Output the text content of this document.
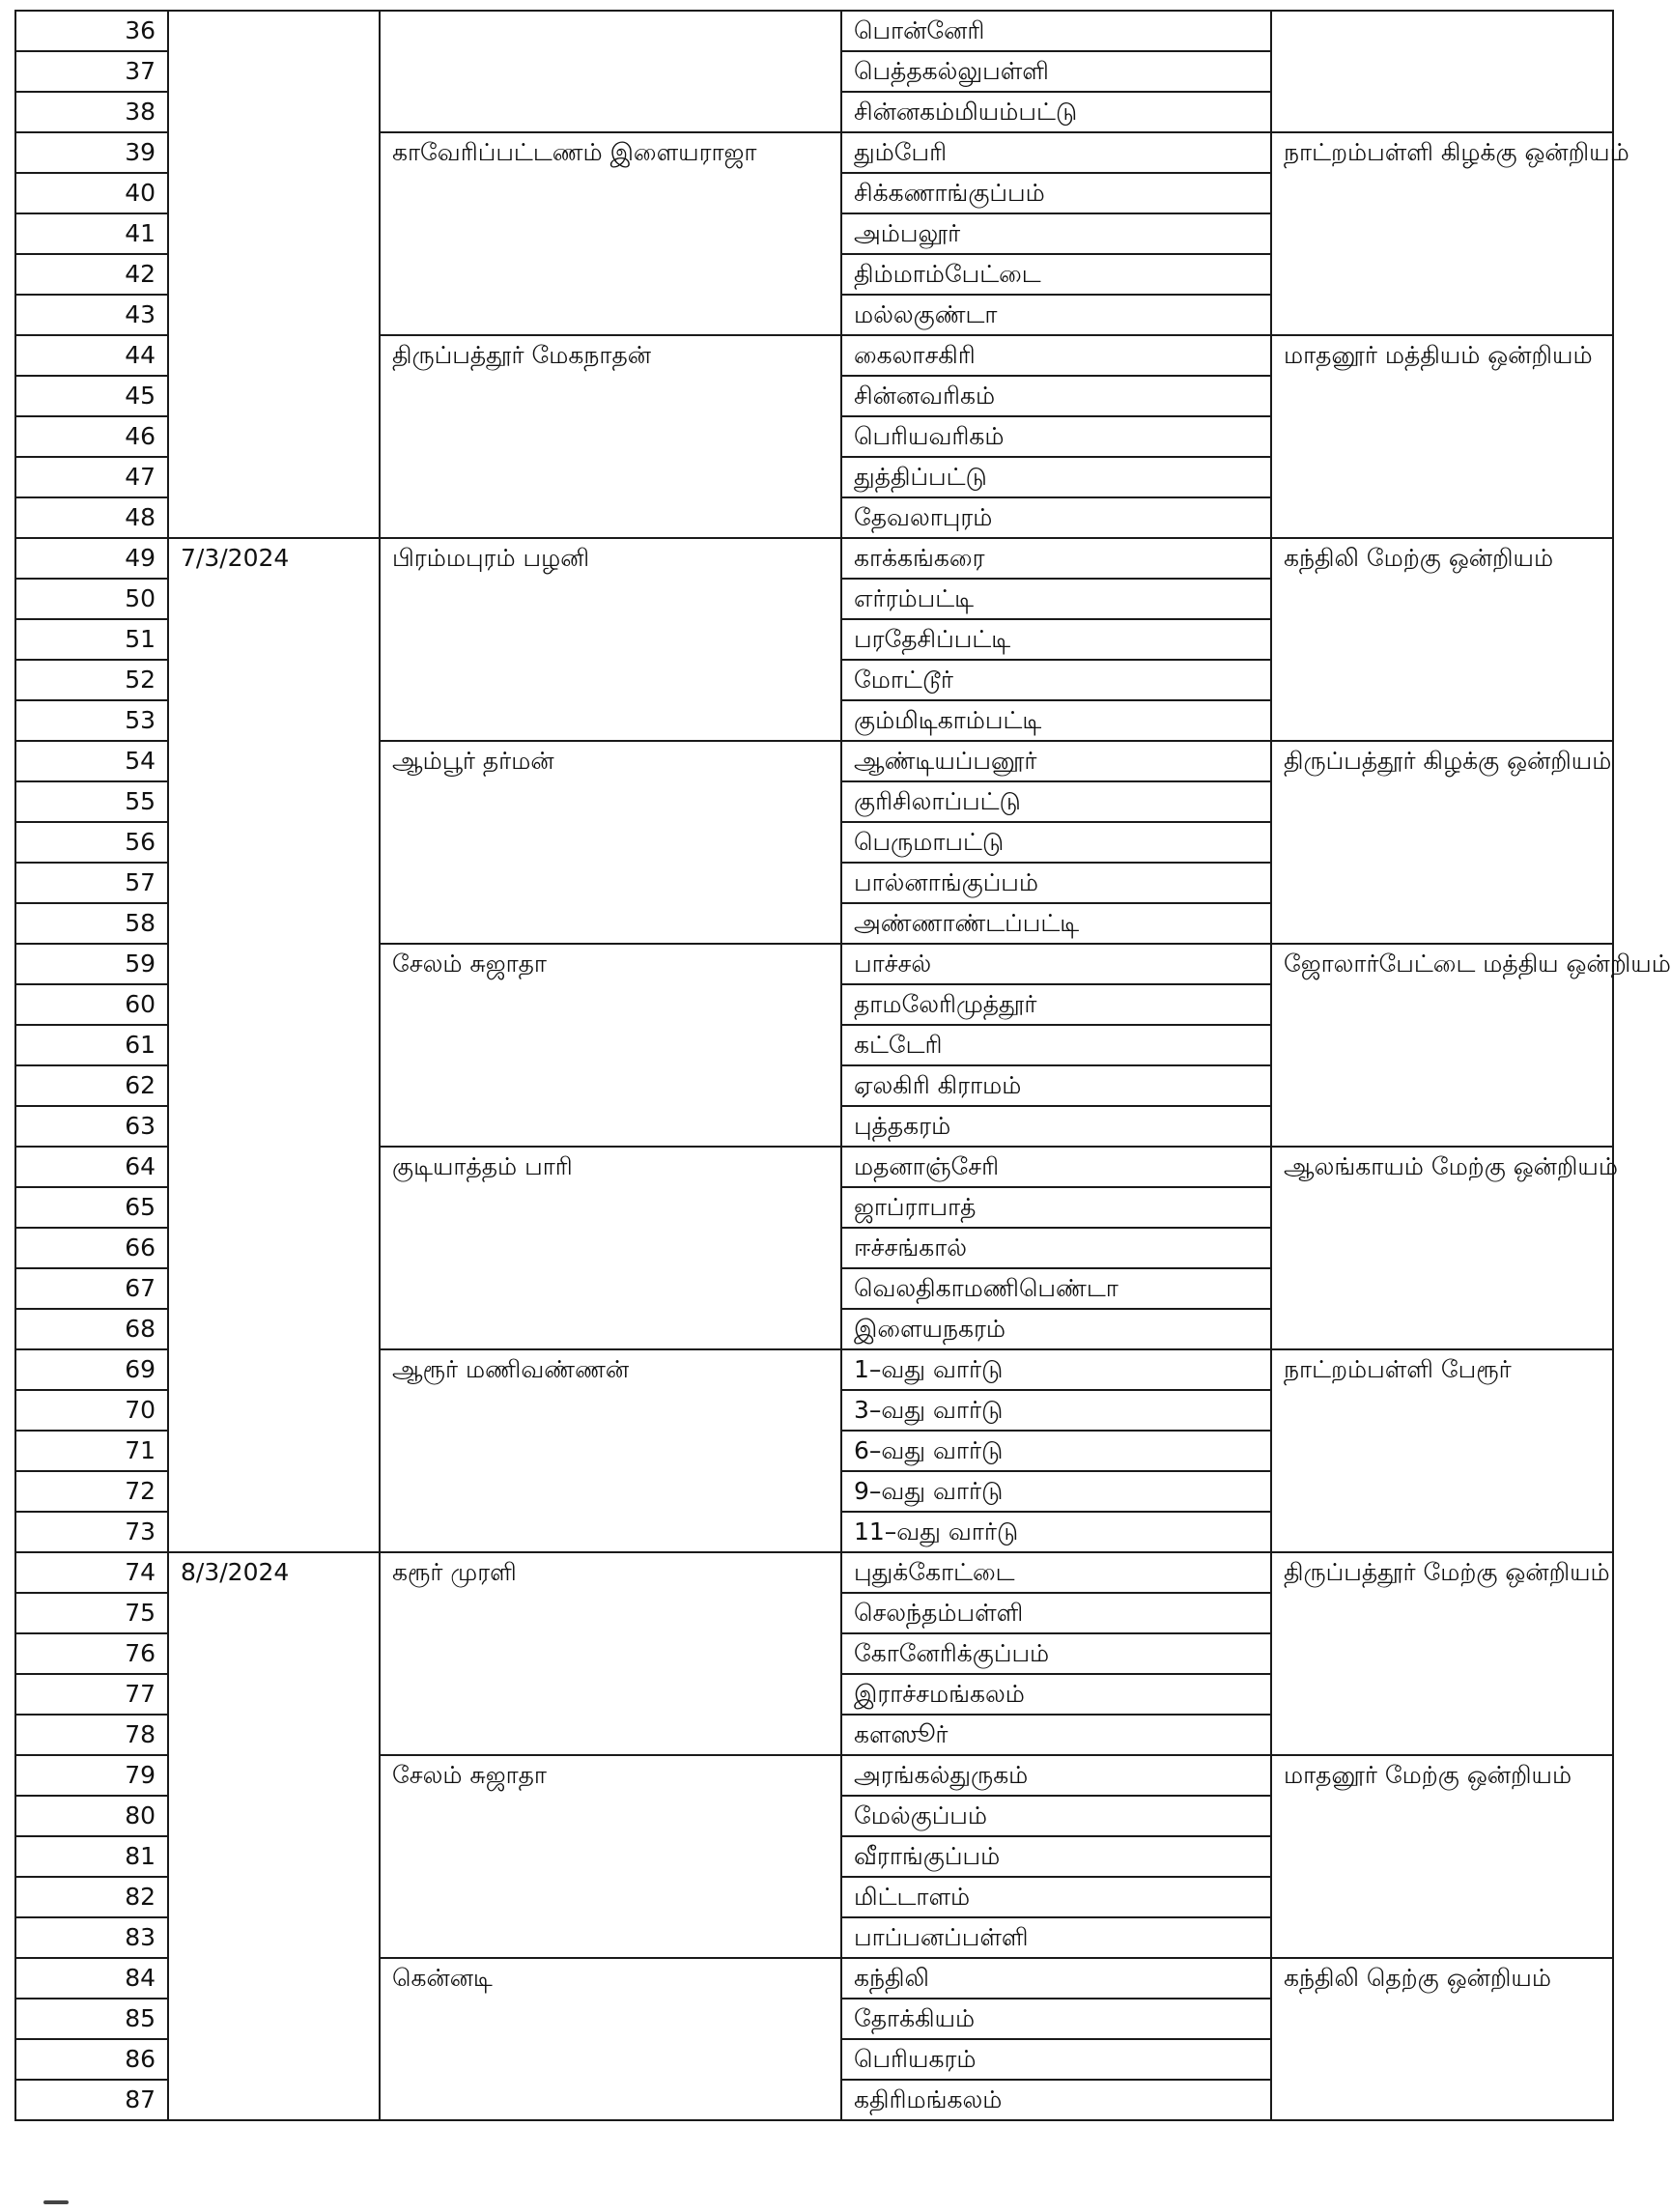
36			பொன்னேரி	
37			பெத்தகல்லுபள்ளி	
38			சின்னகம்மியம்பட்டு	
39		காவேரிப்பட்டணம் இளையராஜா	தும்பேரி	நாட்றம்பள்ளி கிழக்கு ஒன்றியம்
40			சிக்கணாங்குப்பம்	
41			அம்பலூர்	
42			திம்மாம்பேட்டை	
43			மல்லகுண்டா	
44		திருப்பத்தூர் மேகநாதன்	கைலாசகிரி	மாதனூர் மத்தியம் ஒன்றியம்
45			சின்னவரிகம்	
46			பெரியவரிகம்	
47			துத்திப்பட்டு	
48			தேவலாபுரம்	
49	7/3/2024	பிரம்மபுரம் பழனி	காக்கங்கரை	கந்திலி மேற்கு ஒன்றியம்
50			எர்ரம்பட்டி	
51			பரதேசிப்பட்டி	
52			மோட்டூர்	
53			கும்மிடிகாம்பட்டி	
54		ஆம்பூர் தர்மன்	ஆண்டியப்பனூர்	திருப்பத்தூர் கிழக்கு ஒன்றியம்
55			குரிசிலாப்பட்டு	
56			பெருமாபட்டு	
57			பால்னாங்குப்பம்	
58			அண்ணாண்டப்பட்டி	
59		சேலம் சுஜாதா	பாச்சல்	ஜோலார்பேட்டை மத்திய ஒன்றியம்
60			தாமலேரிமுத்தூர்	
61			கட்டேரி	
62			ஏலகிரி கிராமம்	
63			புத்தகரம்	
64		குடியாத்தம் பாரி	மதனாஞ்சேரி	ஆலங்காயம் மேற்கு ஒன்றியம்
65			ஜாப்ராபாத்	
66			ஈச்சங்கால்	
67			வெலதிகாமணிபெண்டா	
68			இளையநகரம்	
69		ஆரூர் மணிவண்ணன்	1–வது வார்டு	நாட்றம்பள்ளி பேரூர்
70			3–வது வார்டு	
71			6–வது வார்டு	
72			9–வது வார்டு	
73			11–வது வார்டு	
74	8/3/2024	கரூர் முரளி	புதுக்கோட்டை	திருப்பத்தூர் மேற்கு ஒன்றியம்
75			செலந்தம்பள்ளி	
76			கோனேரிக்குப்பம்	
77			இராச்சமங்கலம்	
78			களஸூர்	
79		சேலம் சுஜாதா	அரங்கல்துருகம்	மாதனூர் மேற்கு ஒன்றியம்
80			மேல்குப்பம்	
81			வீராங்குப்பம்	
82			மிட்டாளம்	
83			பாப்பனப்பள்ளி	
84		கென்னடி	கந்திலி	கந்திலி தெற்கு ஒன்றியம்
85			தோக்கியம்	
86			பெரியகரம்	
87			கதிரிமங்கலம்	
